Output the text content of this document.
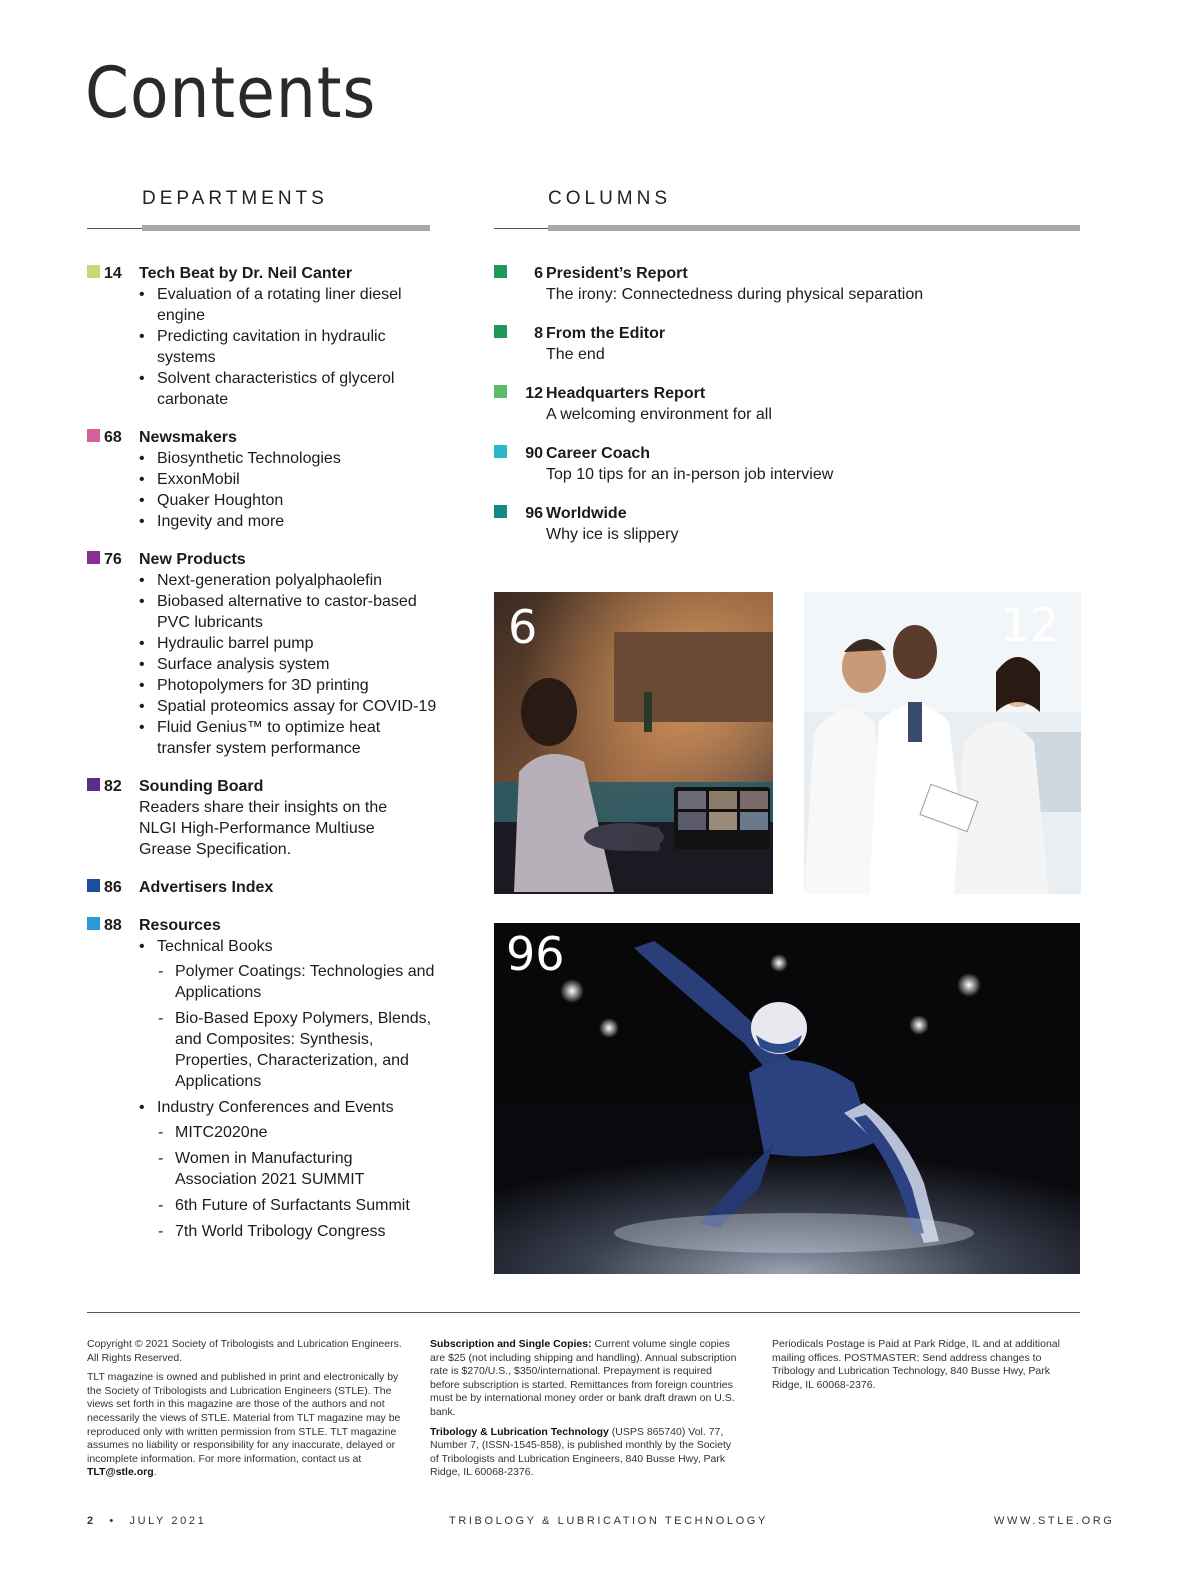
Contents
DEPARTMENTS	COLUMNS
14	Tech Beat by Dr. Neil Canter
• Evaluation of a rotating liner diesel engine
• Predicting cavitation in hydraulic systems
• Solvent characteristics of glycerol carbonate
68	Newsmakers
• Biosynthetic Technologies
• ExxonMobil
• Quaker Houghton
• Ingevity and more
76	New Products
• Next-generation polyalphaolefin
• Biobased alternative to castor-based PVC lubricants
• Hydraulic barrel pump
• Surface analysis system
• Photopolymers for 3D printing
• Spatial proteomics assay for COVID-19
• Fluid Genius™ to optimize heat transfer system performance
82	Sounding Board
Readers share their insights on the NLGI High-Performance Multiuse Grease Specification.
86	Advertisers Index
88	Resources
• Technical Books
- Polymer Coatings: Technologies and Applications
- Bio-Based Epoxy Polymers, Blends, and Composites: Synthesis, Properties, Characterization, and Applications
• Industry Conferences and Events
- MITC2020ne
- Women in Manufacturing Association 2021 SUMMIT
- 6th Future of Surfactants Summit
- 7th World Tribology Congress
6 President’s Report
The irony: Connectedness during physical separation
8 From the Editor
The end
12 Headquarters Report
A welcoming environment for all
90 Career Coach
Top 10 tips for an in-person job interview
96 Worldwide
Why ice is slippery
6	12
96

Copyright © 2021 Society of Tribologists and Lubrication Engineers. All Rights Reserved.

TLT magazine is owned and published in print and electronically by the Society of Tribologists and Lubrication Engineers (STLE). The views set forth in this magazine are those of the authors and not necessarily the views of STLE. Material from TLT magazine may be reproduced only with written permission from STLE. TLT magazine assumes no liability or responsibility for any inaccurate, delayed or incomplete information. For more information, contact us at TLT@stle.org.

Subscription and Single Copies: Current volume single copies are $25 (not including shipping and handling). Annual subscription rate is $270/U.S., $350/international. Prepayment is required before subscription is started. Remittances from foreign countries must be by international money order or bank draft drawn on U.S. bank.

Tribology & Lubrication Technology (USPS 865740) Vol. 77, Number 7, (ISSN-1545-858), is published monthly by the Society of Tribologists and Lubrication Engineers, 840 Busse Hwy, Park Ridge, IL 60068-2376.

Periodicals Postage is Paid at Park Ridge, IL and at additional mailing offices. POSTMASTER: Send address changes to Tribology and Lubrication Technology, 840 Busse Hwy, Park Ridge, IL 60068-2376.

2 • JULY 2021	TRIBOLOGY & LUBRICATION TECHNOLOGY	WWW.STLE.ORG
